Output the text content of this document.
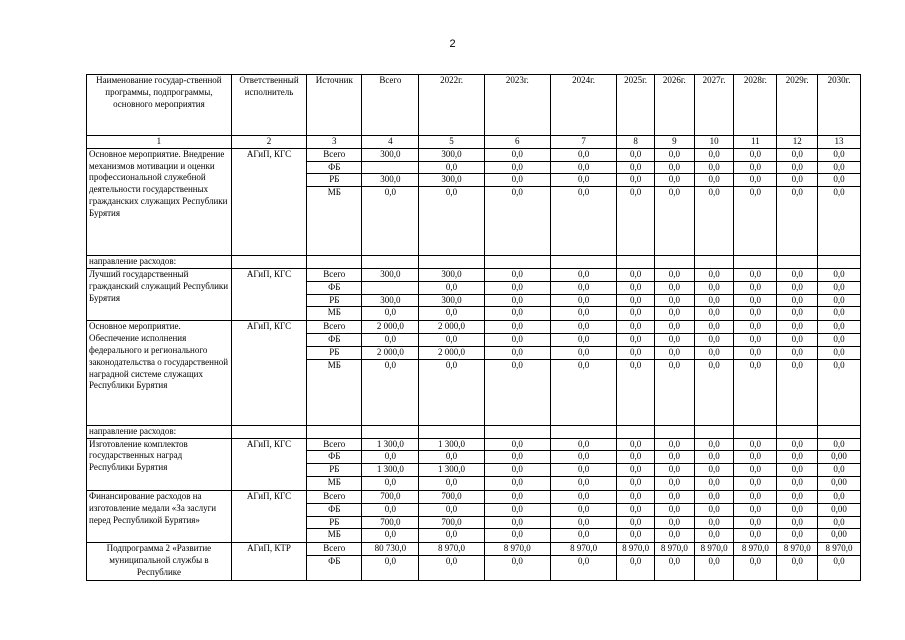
2
Наименование государ-ственной программы, подпрограммы, основного мероприятия	Ответственный исполнитель	Источник	Всего	2022г.	2023г.	2024г.	2025г.	2026г.	2027г.	2028г.	2029г.	2030г.
1	2	3	4	5	6	7	8	9	10	11	12	13
Основное мероприятие. Внедрение механизмов мотивации и оценки профессиональной служебной деятельности государственных гражданских служащих Республики Бурятия	АГиП, КГС	Всего	300,0	300,0	0,0	0,0	0,0	0,0	0,0	0,0	0,0	0,0
		ФБ		0,0	0,0	0,0	0,0	0,0	0,0	0,0	0,0	0,0
		РБ	300,0	300,0	0,0	0,0	0,0	0,0	0,0	0,0	0,0	0,0
		МБ	0,0	0,0	0,0	0,0	0,0	0,0	0,0	0,0	0,0	0,0
направление расходов:												
Лучший государственный гражданский служащий Республики Бурятия	АГиП, КГС	Всего	300,0	300,0	0,0	0,0	0,0	0,0	0,0	0,0	0,0	0,0
		ФБ		0,0	0,0	0,0	0,0	0,0	0,0	0,0	0,0	0,0
		РБ	300,0	300,0	0,0	0,0	0,0	0,0	0,0	0,0	0,0	0,0
		МБ	0,0	0,0	0,0	0,0	0,0	0,0	0,0	0,0	0,0	0,0
Основное мероприятие. Обеспечение исполнения федерального и регионального законодательства о государственной наградной системе служащих Республики Бурятия	АГиП, КГС	Всего	2 000,0	2 000,0	0,0	0,0	0,0	0,0	0,0	0,0	0,0	0,0
		ФБ	0,0	0,0	0,0	0,0	0,0	0,0	0,0	0,0	0,0	0,0
		РБ	2 000,0	2 000,0	0,0	0,0	0,0	0,0	0,0	0,0	0,0	0,0
		МБ	0,0	0,0	0,0	0,0	0,0	0,0	0,0	0,0	0,0	0,0
направление расходов:												
Изготовление комплектов государственных наград Республики Бурятия	АГиП, КГС	Всего	1 300,0	1 300,0	0,0	0,0	0,0	0,0	0,0	0,0	0,0	0,0
		ФБ	0,0	0,0	0,0	0,0	0,0	0,0	0,0	0,0	0,0	0,00
		РБ	1 300,0	1 300,0	0,0	0,0	0,0	0,0	0,0	0,0	0,0	0,0
		МБ	0,0	0,0	0,0	0,0	0,0	0,0	0,0	0,0	0,0	0,00
Финансирование расходов на изготовление медали «За заслуги перед Республикой Бурятия»	АГиП, КГС	Всего	700,0	700,0	0,0	0,0	0,0	0,0	0,0	0,0	0,0	0,0
		ФБ	0,0	0,0	0,0	0,0	0,0	0,0	0,0	0,0	0,0	0,00
		РБ	700,0	700,0	0,0	0,0	0,0	0,0	0,0	0,0	0,0	0,0
		МБ	0,0	0,0	0,0	0,0	0,0	0,0	0,0	0,0	0,0	0,00
Подпрограмма 2 «Развитие муниципальной службы в Республике	АГиП, КТР	Всего	80 730,0	8 970,0	8 970,0	8 970,0	8 970,0	8 970,0	8 970,0	8 970,0	8 970,0	8 970,0
		ФБ	0,0	0,0	0,0	0,0	0,0	0,0	0,0	0,0	0,0	0,0
